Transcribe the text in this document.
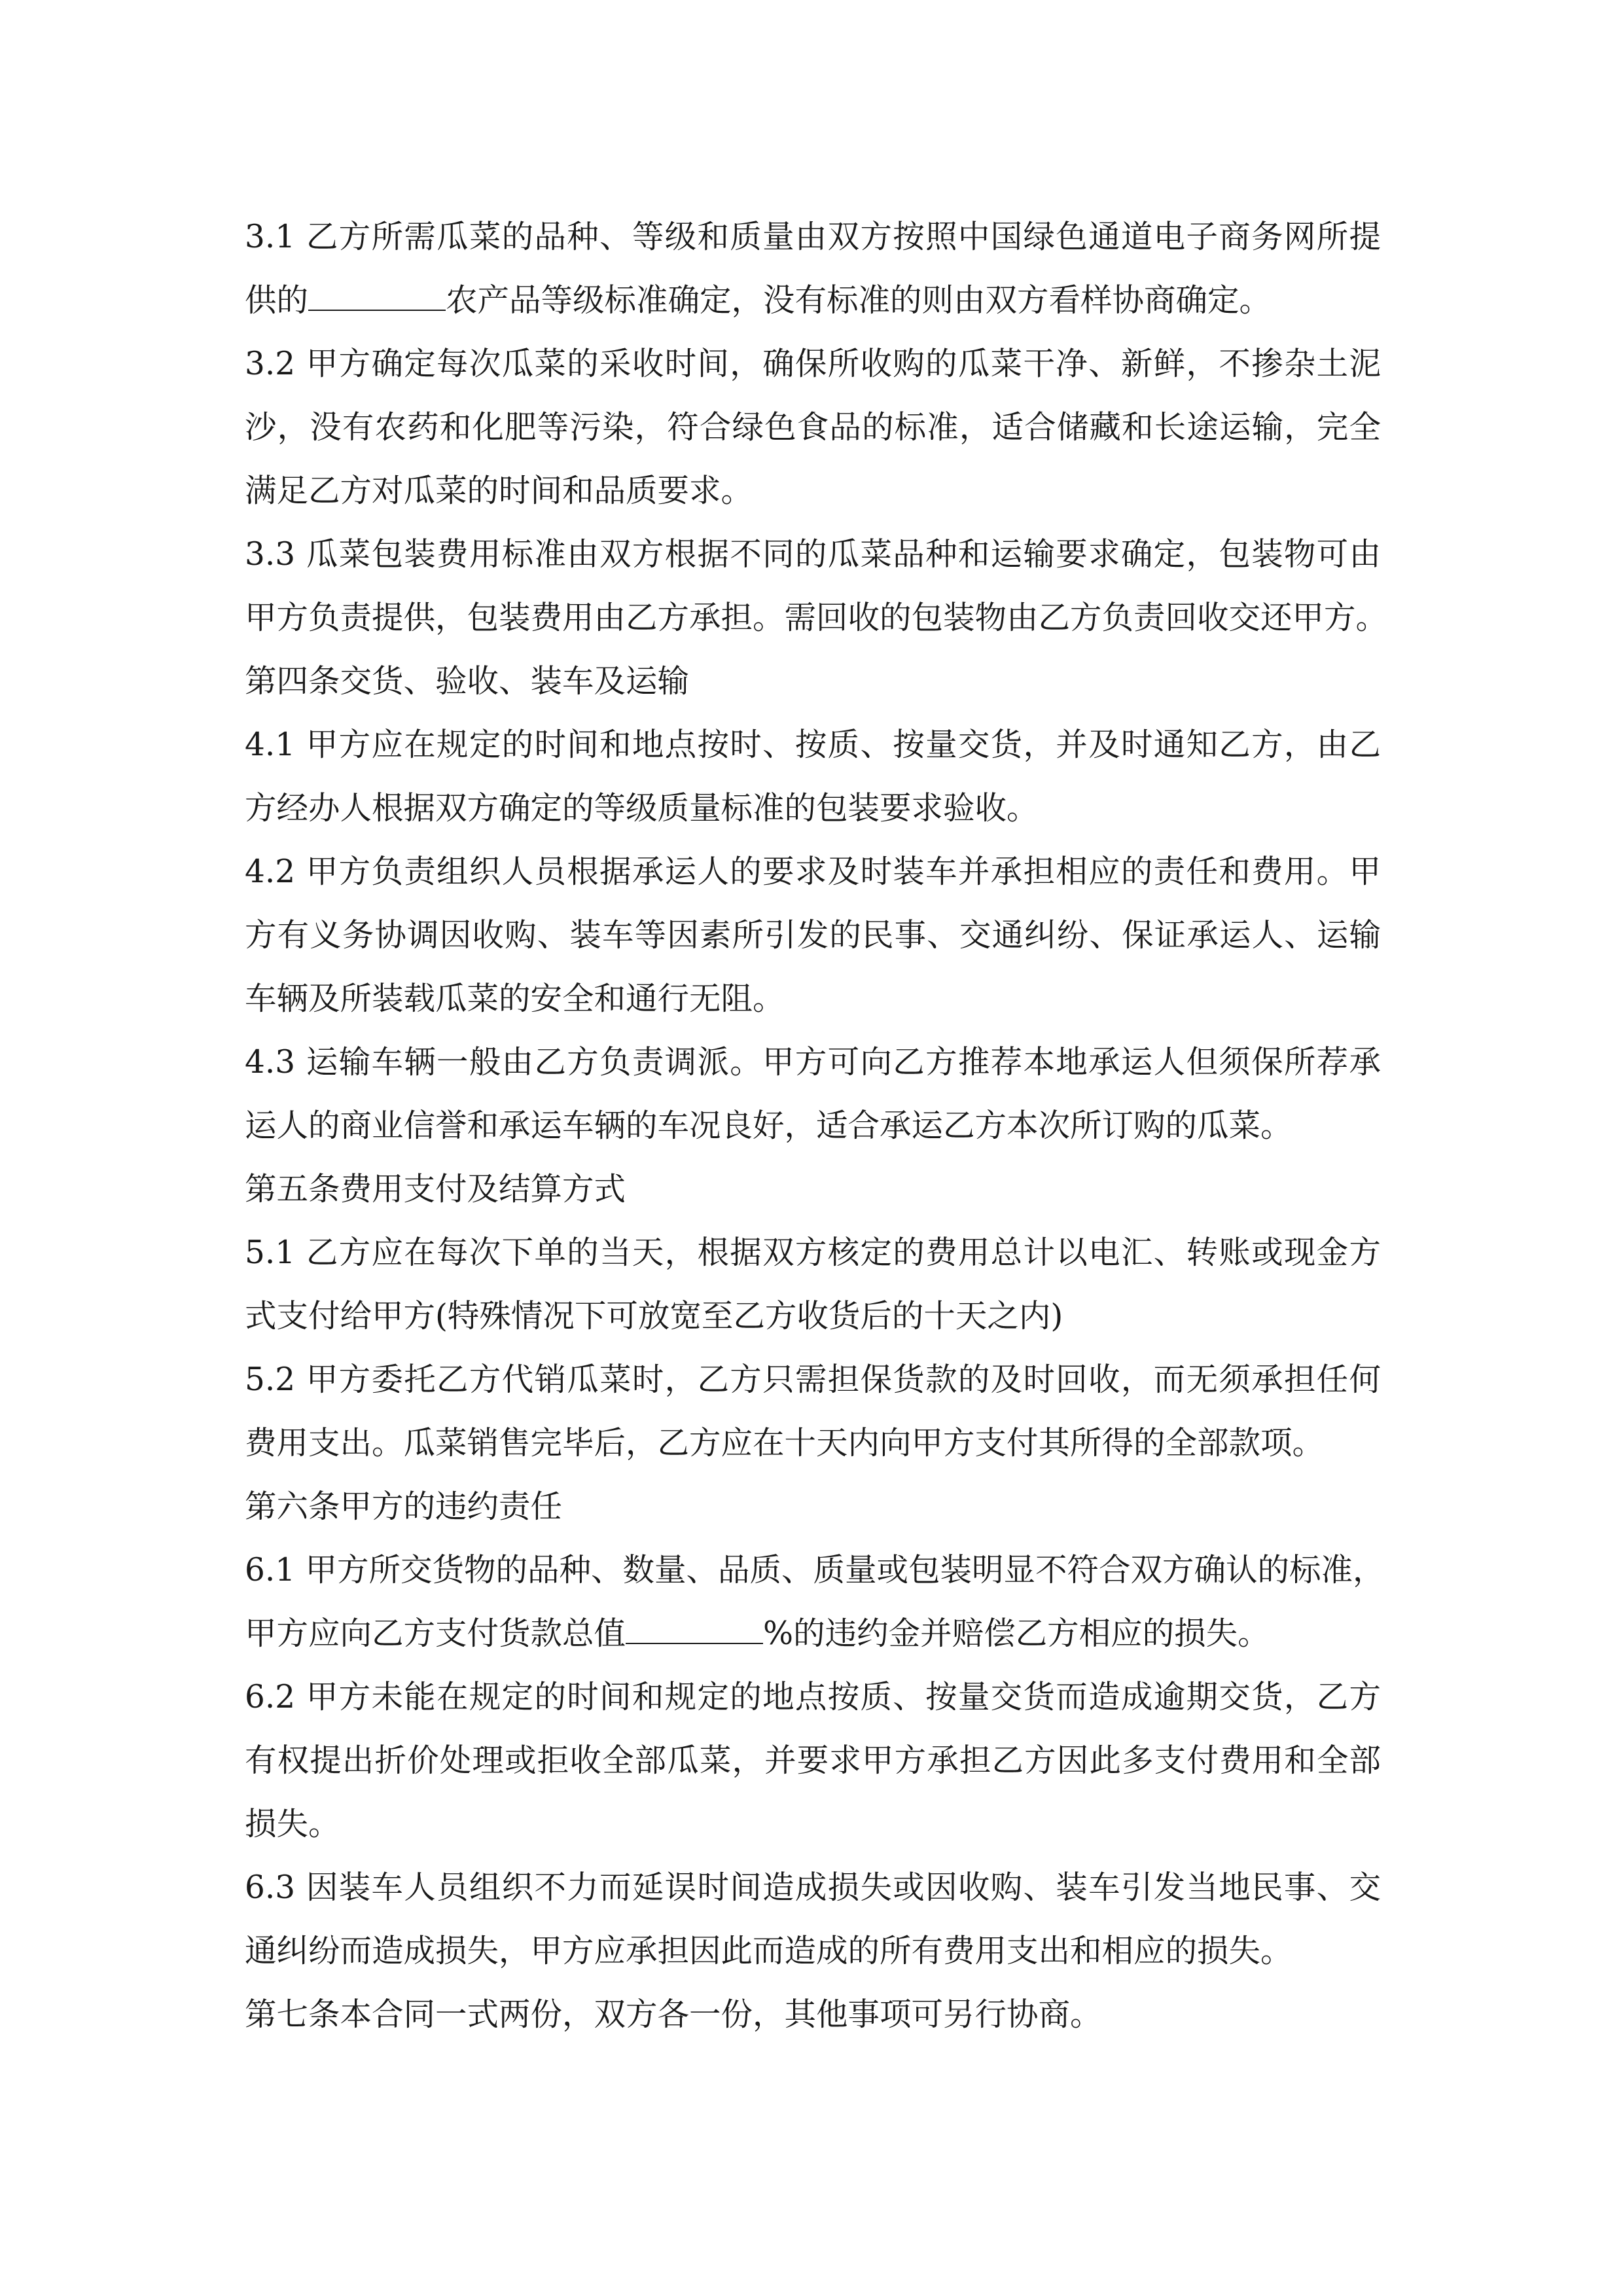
3.1 乙方所需瓜菜的品种、等级和质量由双方按照中国绿色通道电子商务网所提
供的	农产品等级标准确定，没有标准的则由双方看样协商确定。
3.2 甲方确定每次瓜菜的采收时间，确保所收购的瓜菜干净、新鲜，不掺杂土泥
沙，没有农药和化肥等污染，符合绿色食品的标准，适合储藏和长途运输，完全
满足乙方对瓜菜的时间和品质要求。
3.3 瓜菜包装费用标准由双方根据不同的瓜菜品种和运输要求确定，包装物可由
甲方负责提供，包装费用由乙方承担。需回收的包装物由乙方负责回收交还甲方。
第四条交货、验收、装车及运输
4.1 甲方应在规定的时间和地点按时、按质、按量交货，并及时通知乙方，由乙
方经办人根据双方确定的等级质量标准的包装要求验收。
4.2 甲方负责组织人员根据承运人的要求及时装车并承担相应的责任和费用。甲
方有义务协调因收购、装车等因素所引发的民事、交通纠纷、保证承运人、运输
车辆及所装载瓜菜的安全和通行无阻。
4.3 运输车辆一般由乙方负责调派。甲方可向乙方推荐本地承运人但须保所荐承
运人的商业信誉和承运车辆的车况良好，适合承运乙方本次所订购的瓜菜。
第五条费用支付及结算方式
5.1 乙方应在每次下单的当天，根据双方核定的费用总计以电汇、转账或现金方
式支付给甲方(特殊情况下可放宽至乙方收货后的十天之内)
5.2 甲方委托乙方代销瓜菜时，乙方只需担保货款的及时回收，而无须承担任何
费用支出。瓜菜销售完毕后，乙方应在十天内向甲方支付其所得的全部款项。
第六条甲方的违约责任
6.1 甲方所交货物的品种、数量、品质、质量或包装明显不符合双方确认的标准，
甲方应向乙方支付货款总值	%的违约金并赔偿乙方相应的损失。
6.2 甲方未能在规定的时间和规定的地点按质、按量交货而造成逾期交货，乙方
有权提出折价处理或拒收全部瓜菜，并要求甲方承担乙方因此多支付费用和全部
损失。
6.3 因装车人员组织不力而延误时间造成损失或因收购、装车引发当地民事、交
通纠纷而造成损失，甲方应承担因此而造成的所有费用支出和相应的损失。
第七条本合同一式两份，双方各一份，其他事项可另行协商。
